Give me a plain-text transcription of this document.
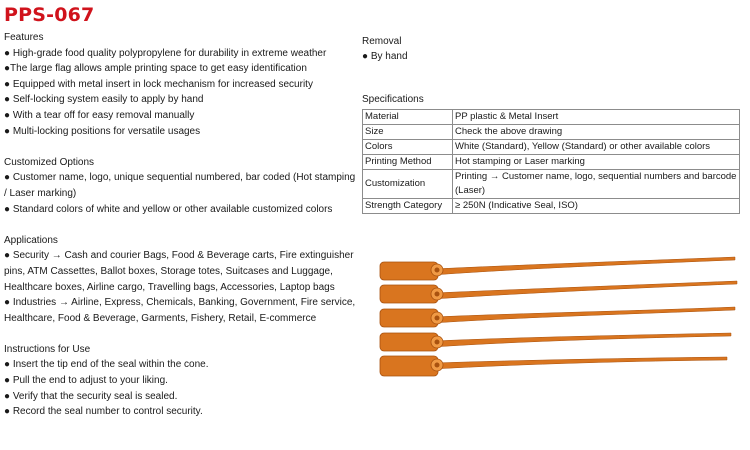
PPS-067
Features
● High-grade food quality polypropylene for durability in extreme weather
●The large flag allows ample printing space to get easy identification
● Equipped with metal insert in lock mechanism for increased security
● Self-locking system easily to apply by hand
● With a tear off for easy removal manually
● Multi-locking positions for versatile usages
Customized Options
● Customer name, logo, unique sequential numbered, bar coded (Hot stamping / Laser marking)
● Standard colors of white and yellow or other available customized colors
Applications
● Security → Cash and courier Bags, Food & Beverage carts, Fire extinguisher pins, ATM Cassettes, Ballot boxes, Storage totes, Suitcases and Luggage, Healthcare boxes, Airline cargo, Travelling bags, Accessories, Laptop bags
● Industries → Airline, Express, Chemicals, Banking, Government, Fire service, Healthcare, Food & Beverage, Garments, Fishery, Retail, E-commerce
Instructions for Use
● Insert the tip end of the seal within the cone.
● Pull the end to adjust to your liking.
● Verify that the security seal is sealed.
● Record the seal number to control security.
Removal
● By hand
Specifications
Material	PP plastic & Metal Insert
Size	Check the above drawing
Colors	White (Standard), Yellow (Standard) or other available colors
Printing Method	Hot stamping or Laser marking
Customization	Printing → Customer name, logo, sequential numbers and barcode (Laser)
Strength Category	≥ 250N (Indicative Seal, ISO)
